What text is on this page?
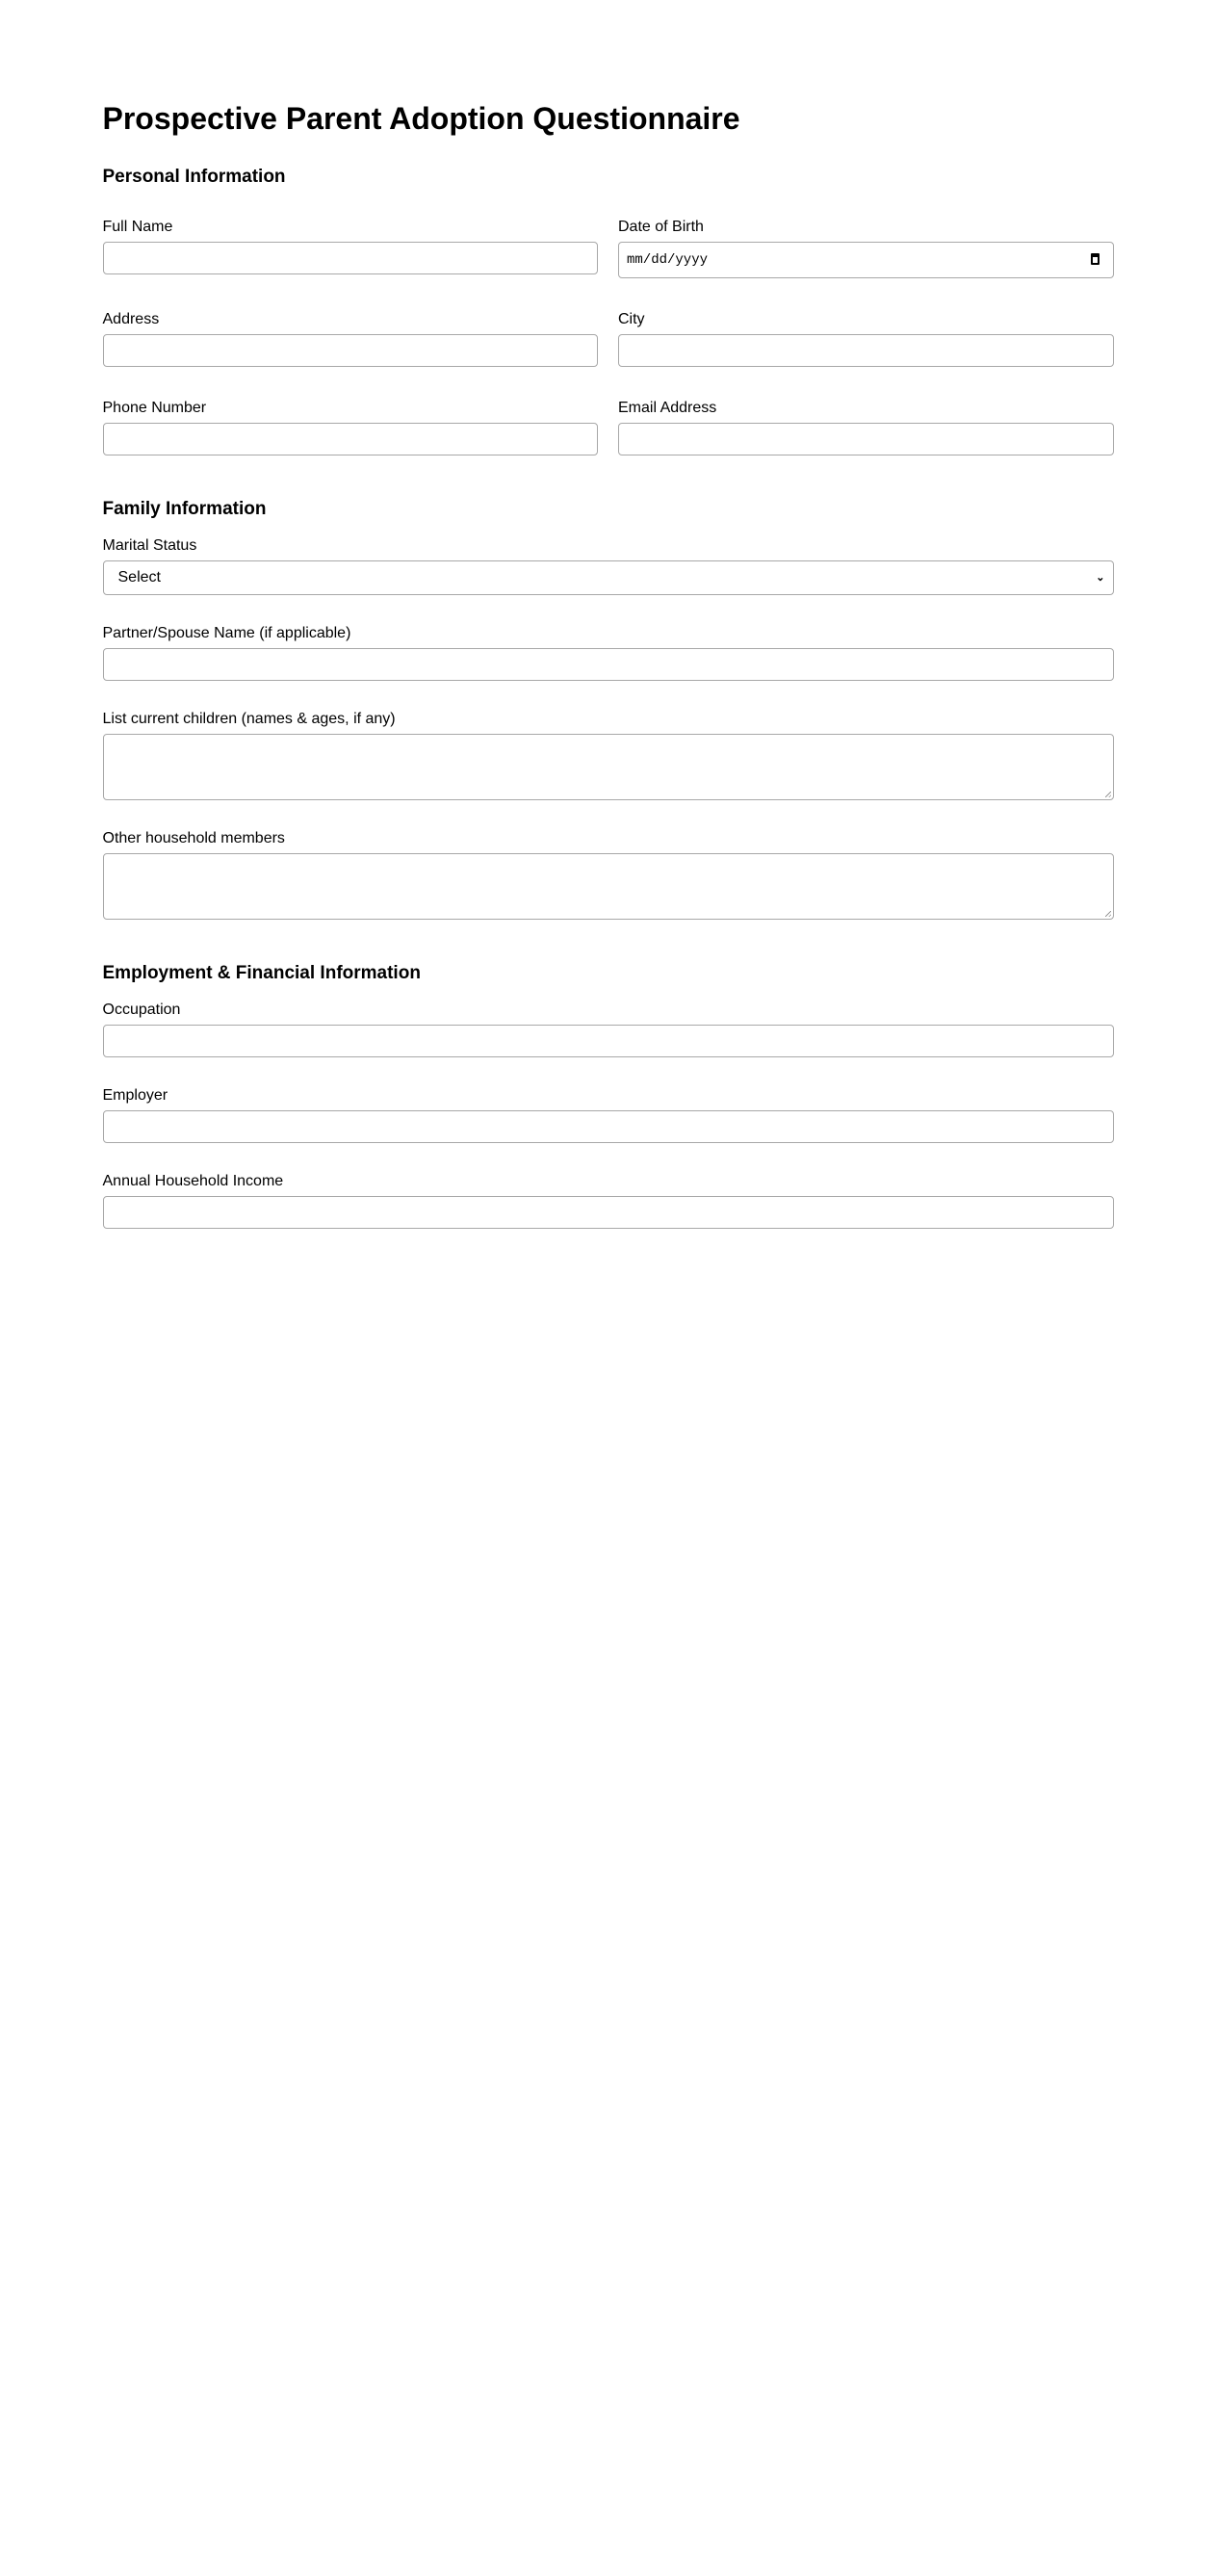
Prospective Parent Adoption Questionnaire
Personal Information
Full Name	Date of Birth
mm/dd/yyyy
Address	City
Phone Number	Email Address
Family Information
Marital Status
Select	⌄
Partner/Spouse Name (if applicable)
List current children (names & ages, if any)
Other household members
Employment & Financial Information
Occupation
Employer
Annual Household Income
